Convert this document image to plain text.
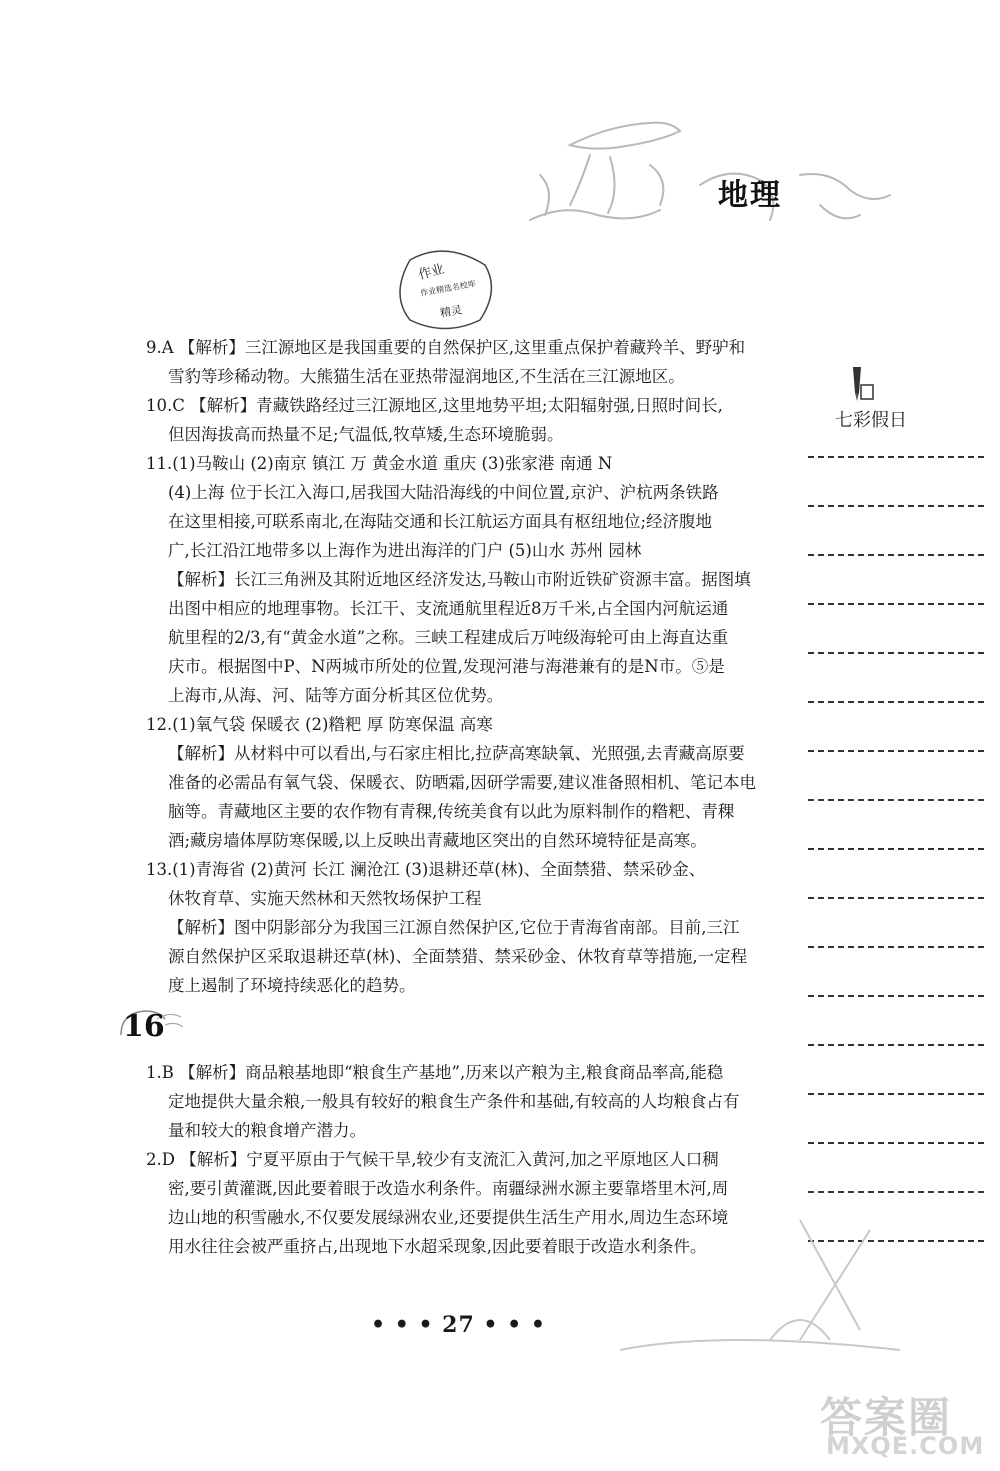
地理
作业
作业精选名校库
精灵
七彩假日
9.A 【解析】三江源地区是我国重要的自然保护区,这里重点保护着藏羚羊、野驴和
雪豹等珍稀动物。大熊猫生活在亚热带湿润地区,不生活在三江源地区。
10.C 【解析】青藏铁路经过三江源地区,这里地势平坦;太阳辐射强,日照时间长,
但因海拔高而热量不足;气温低,牧草矮,生态环境脆弱。
11.(1)马鞍山 (2)南京 镇江 万 黄金水道 重庆 (3)张家港 南通 N
(4)上海 位于长江入海口,居我国大陆沿海线的中间位置,京沪、沪杭两条铁路
在这里相接,可联系南北,在海陆交通和长江航运方面具有枢纽地位;经济腹地
广,长江沿江地带多以上海作为进出海洋的门户 (5)山水 苏州 园林
【解析】长江三角洲及其附近地区经济发达,马鞍山市附近铁矿资源丰富。据图填
出图中相应的地理事物。长江干、支流通航里程近8万千米,占全国内河航运通
航里程的2/3,有“黄金水道”之称。三峡工程建成后万吨级海轮可由上海直达重
庆市。根据图中P、N两城市所处的位置,发现河港与海港兼有的是N市。⑤是
上海市,从海、河、陆等方面分析其区位优势。
12.(1)氧气袋 保暖衣 (2)糌粑 厚 防寒保温 高寒
【解析】从材料中可以看出,与石家庄相比,拉萨高寒缺氧、光照强,去青藏高原要
准备的必需品有氧气袋、保暖衣、防晒霜,因研学需要,建议准备照相机、笔记本电
脑等。青藏地区主要的农作物有青稞,传统美食有以此为原料制作的糌粑、青稞
酒;藏房墙体厚防寒保暖,以上反映出青藏地区突出的自然环境特征是高寒。
13.(1)青海省 (2)黄河 长江 澜沧江 (3)退耕还草(林)、全面禁猎、禁采砂金、
休牧育草、实施天然林和天然牧场保护工程
【解析】图中阴影部分为我国三江源自然保护区,它位于青海省南部。目前,三江
源自然保护区采取退耕还草(林)、全面禁猎、禁采砂金、休牧育草等措施,一定程
度上遏制了环境持续恶化的趋势。
16
1.B 【解析】商品粮基地即“粮食生产基地”,历来以产粮为主,粮食商品率高,能稳
定地提供大量余粮,一般具有较好的粮食生产条件和基础,有较高的人均粮食占有
量和较大的粮食增产潜力。
2.D 【解析】宁夏平原由于气候干旱,较少有支流汇入黄河,加之平原地区人口稠
密,要引黄灌溉,因此要着眼于改造水利条件。南疆绿洲水源主要靠塔里木河,周
边山地的积雪融水,不仅要发展绿洲农业,还要提供生活生产用水,周边生态环境
用水往往会被严重挤占,出现地下水超采现象,因此要着眼于改造水利条件。
• • • 27 • • •
答案圈
MXQE.COM
